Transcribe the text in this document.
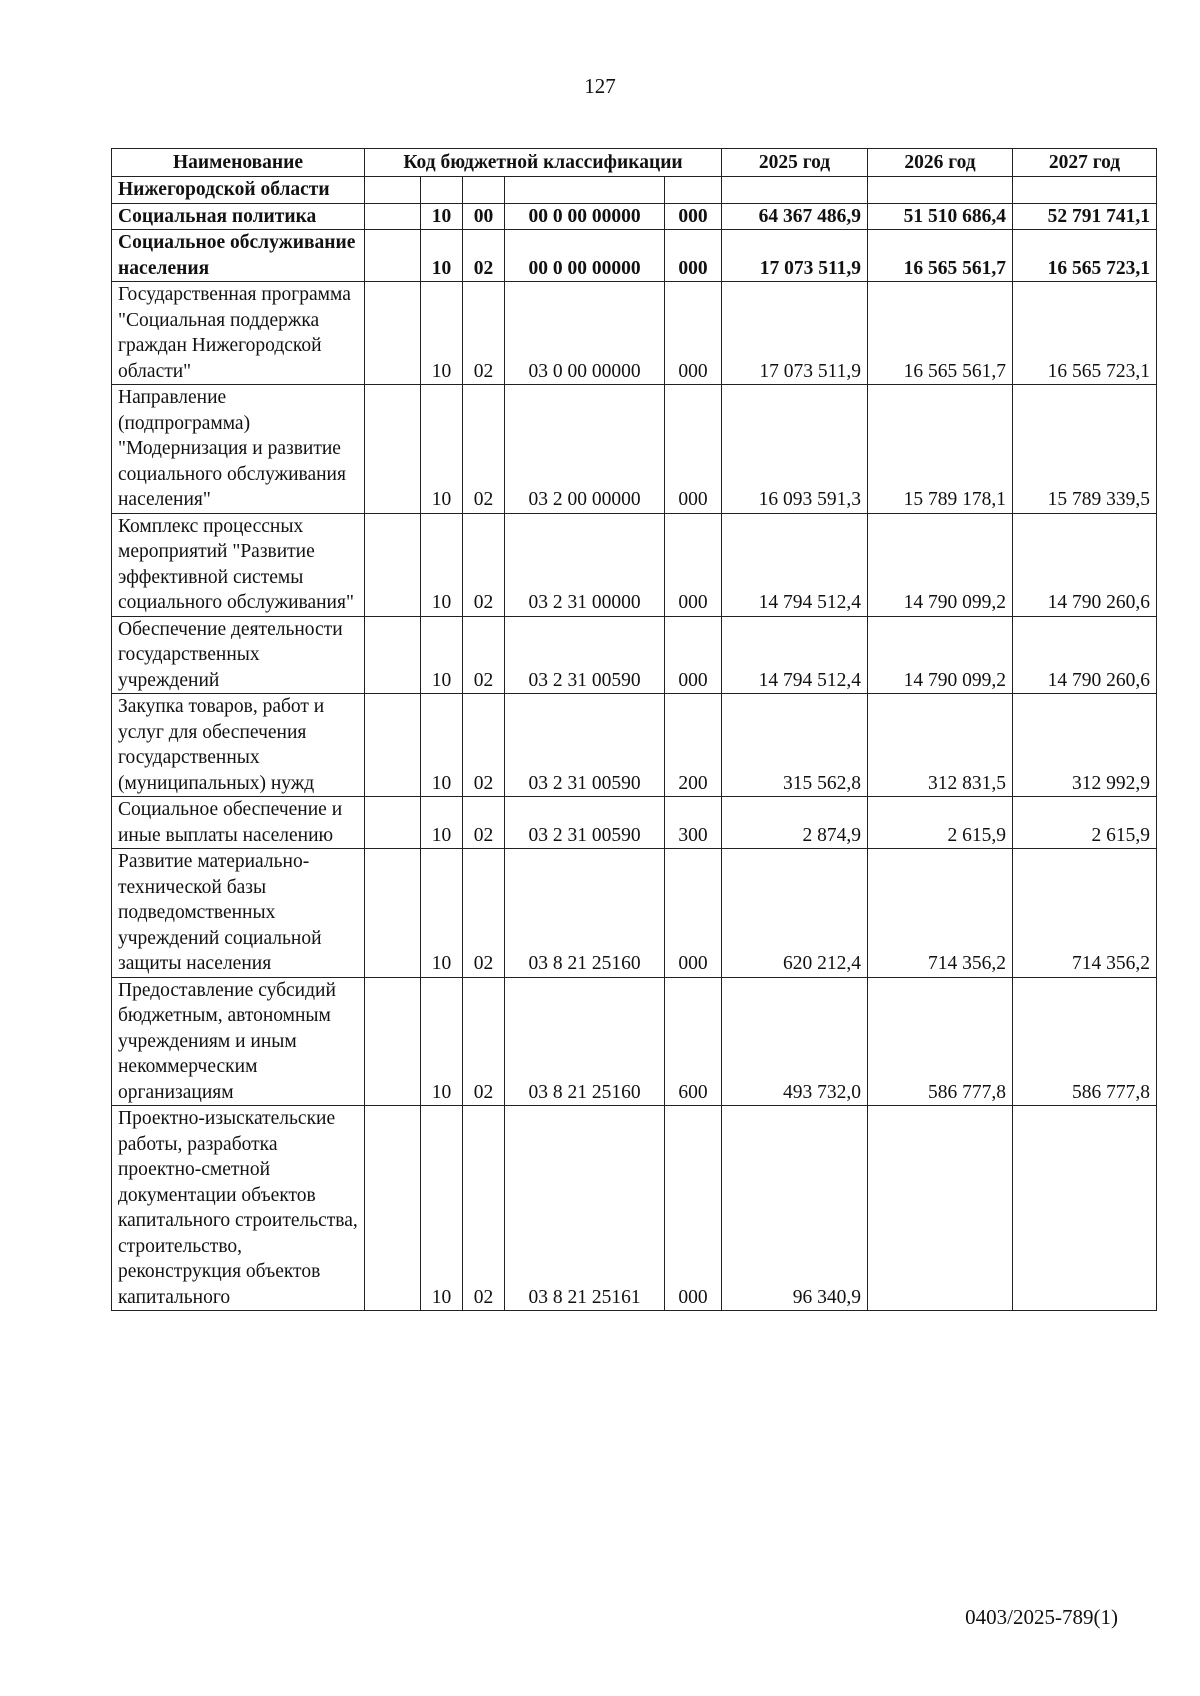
127
Наименование	Код бюджетной классификации					2025 год	2026 год	2027 год
Нижегородской области								
Социальная политика		10	00	00 0 00 00000	000	64 367 486,9	51 510 686,4	52 791 741,1
Социальное обслуживание населения		10	02	00 0 00 00000	000	17 073 511,9	16 565 561,7	16 565 723,1
Государственная программа "Социальная поддержка граждан Нижегородской области"		10	02	03 0 00 00000	000	17 073 511,9	16 565 561,7	16 565 723,1
Направление (подпрограмма) "Модернизация и развитие социального обслуживания населения"		10	02	03 2 00 00000	000	16 093 591,3	15 789 178,1	15 789 339,5
Комплекс процессных мероприятий "Развитие эффективной системы социального обслуживания"		10	02	03 2 31 00000	000	14 794 512,4	14 790 099,2	14 790 260,6
Обеспечение деятельности государственных учреждений		10	02	03 2 31 00590	000	14 794 512,4	14 790 099,2	14 790 260,6
Закупка товаров, работ и услуг для обеспечения государственных (муниципальных) нужд		10	02	03 2 31 00590	200	315 562,8	312 831,5	312 992,9
Социальное обеспечение и иные выплаты населению		10	02	03 2 31 00590	300	2 874,9	2 615,9	2 615,9
Развитие материально-технической базы подведомственных учреждений социальной защиты населения		10	02	03 8 21 25160	000	620 212,4	714 356,2	714 356,2
Предоставление субсидий бюджетным, автономным учреждениям и иным некоммерческим организациям		10	02	03 8 21 25160	600	493 732,0	586 777,8	586 777,8
Проектно-изыскательские работы, разработка проектно-сметной документации объектов капитального строительства, строительство, реконструкция объектов капитального		10	02	03 8 21 25161	000	96 340,9		
0403/2025-789(1)
